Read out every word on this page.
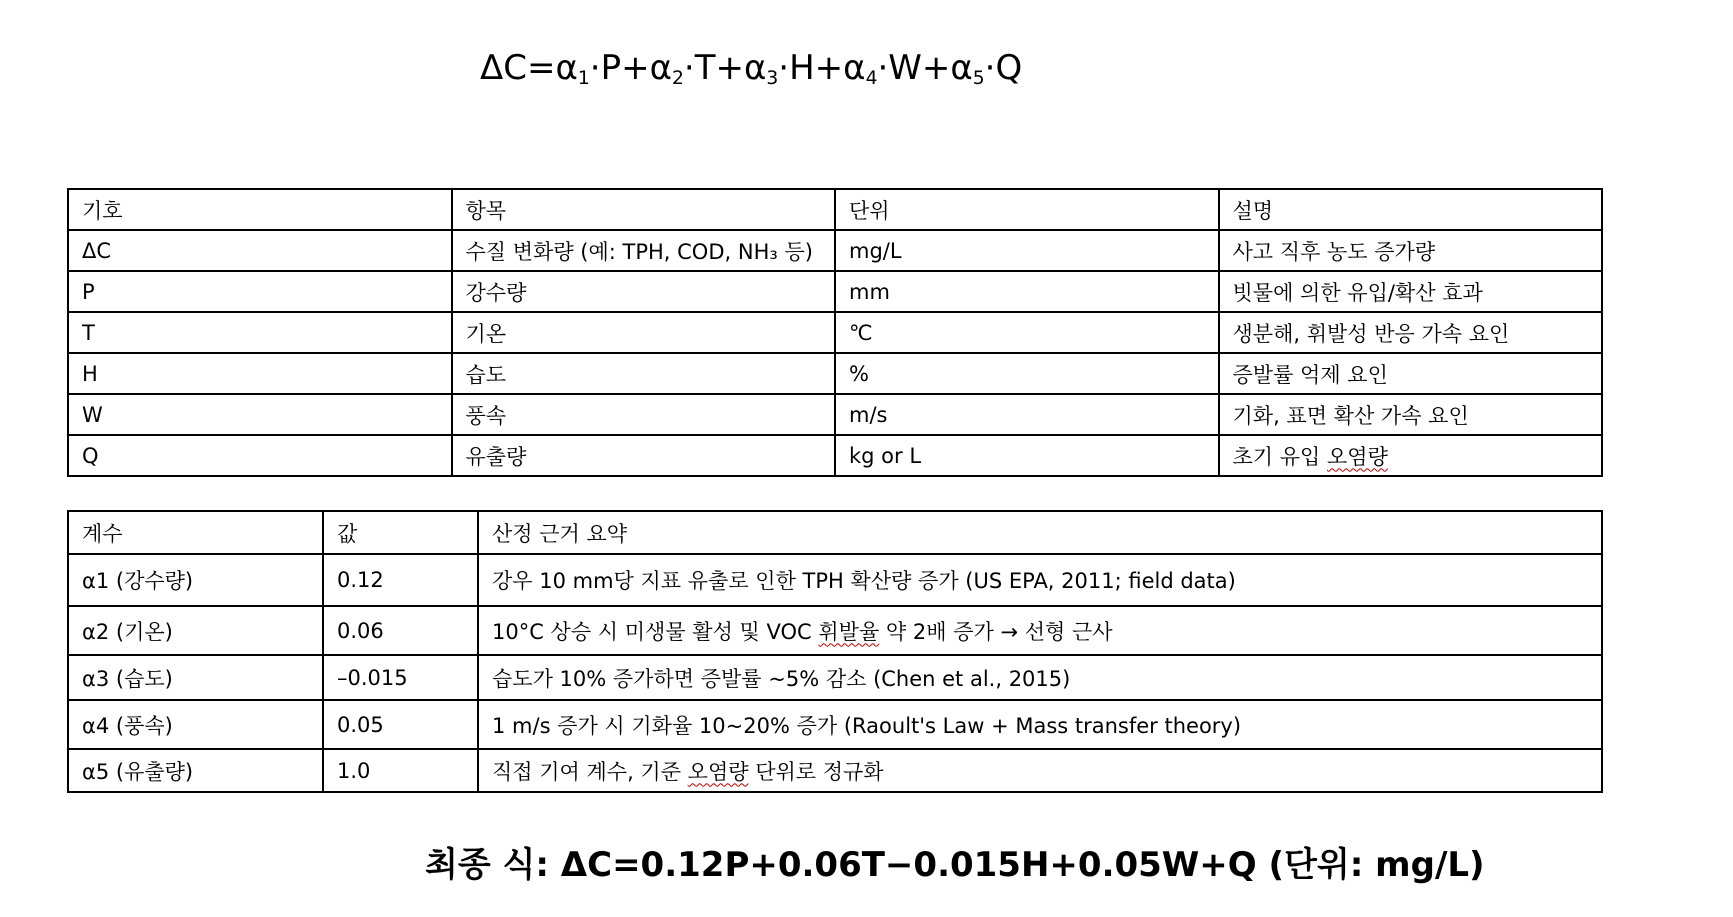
$\Delta C=\alpha_1\cdot P+\alpha_2\cdot T+\alpha_3\cdot H+\alpha_4\cdot W+\alpha_5\cdot Q$
기호	항목	단위	설명
ΔC	수질 변화량 (예: TPH, COD, NH₃ 등)	mg/L	사고 직후 농도 증가량
P	강수량	mm	빗물에 의한 유입/확산 효과
T	기온	℃	생분해, 휘발성 반응 가속 요인
H	습도	%	증발률 억제 요인
W	풍속	m/s	기화, 표면 확산 가속 요인
Q	유출량	kg or L	초기 유입 오염량
계수	값	산정 근거 요약
α1 (강수량)	0.12	강우 10 mm당 지표 유출로 인한 TPH 확산량 증가 (US EPA, 2011; field data)
α2 (기온)	0.06	10°C 상승 시 미생물 활성 및 VOC 휘발율 약 2배 증가 → 선형 근사
α3 (습도)	–0.015	습도가 10% 증가하면 증발률 ~5% 감소 (Chen et al., 2015)
α4 (풍속)	0.05	1 m/s 증가 시 기화율 10~20% 증가 (Raoult's Law + Mass transfer theory)
α5 (유출량)	1.0	직접 기여 계수, 기준 오염량 단위로 정규화
최종 식: ΔC=0.12P+0.06T−0.015H+0.05W+Q (단위: mg/L)
